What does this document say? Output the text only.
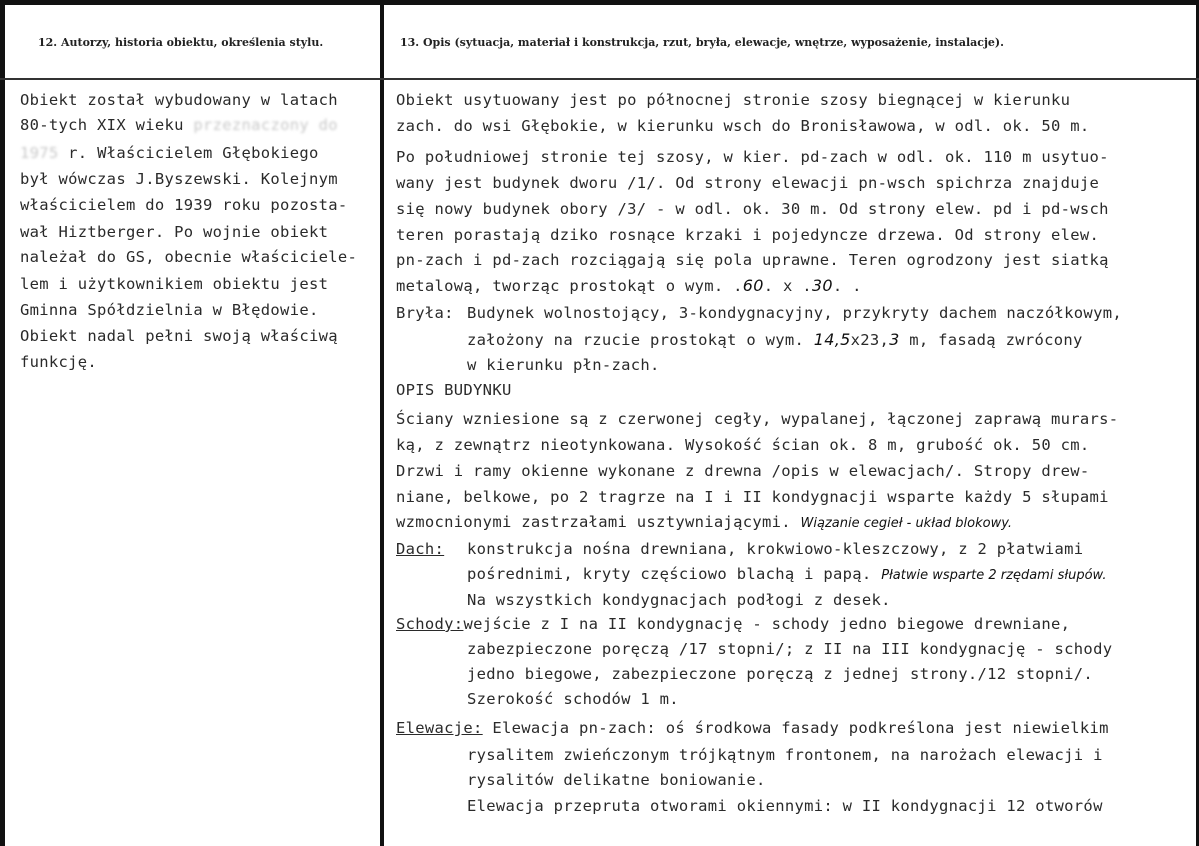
12. Autorzy, historia obiektu, określenia stylu.	13. Opis (sytuacja, materiał i konstrukcja, rzut, bryła, elewacje, wnętrze, wyposażenie, instalacje).
Obiekt został wybudowany w latach
80-tych XIX wieku przeznaczony do
1975 r. Właścicielem Głębokiego
był wówczas J.Byszewski. Kolejnym
właścicielem do 1939 roku pozosta-
wał Hiztberger. Po wojnie obiekt
należał do GS, obecnie właściciele-
lem i użytkownikiem obiektu jest
Gminna Spółdzielnia w Błędowie.
Obiekt nadal pełni swoją właściwą
funkcję.
Obiekt usytuowany jest po północnej stronie szosy biegnącej w kierunku
zach. do wsi Głębokie, w kierunku wsch do Bronisławowa, w odl. ok. 50 m.
Po południowej stronie tej szosy, w kier. pd-zach w odl. ok. 110 m usytuo-
wany jest budynek dworu /1/. Od strony elewacji pn-wsch spichrza znajduje
się nowy budynek obory /3/ - w odl. ok. 30 m. Od strony elew. pd i pd-wsch
teren porastają dziko rosnące krzaki i pojedyncze drzewa. Od strony elew.
pn-zach i pd-zach rozciągają się pola uprawne. Teren ogrodzony jest siatką
metalową, tworząc prostokąt o wym. .60. x .30. .
Bryła: Budynek wolnostojący, 3-kondygnacyjny, przykryty dachem naczółkowym,
założony na rzucie prostokąt o wym. 14,5x23,3 m, fasadą zwrócony
w kierunku płn-zach.
OPIS BUDYNKU
Ściany wzniesione są z czerwonej cegły, wypalanej, łączonej zaprawą murars-
ką, z zewnątrz nieotynkowana. Wysokość ścian ok. 8 m, grubość ok. 50 cm.
Drzwi i ramy okienne wykonane z drewna /opis w elewacjach/. Stropy drew-
niane, belkowe, po 2 tragrze na I i II kondygnacji wsparte każdy 5 słupami
wzmocnionymi zastrzałami usztywniającymi. Wiązanie cegieł - układ blokowy.
Dach: konstrukcja nośna drewniana, krokwiowo-kleszczowy, z 2 płatwiami
pośrednimi, kryty częściowo blachą i papą. Płatwie wsparte 2 rzędami słupów.
Na wszystkich kondygnacjach podłogi z desek.
Schody:wejście z I na II kondygnację - schody jedno biegowe drewniane,
zabezpieczone poręczą /17 stopni/; z II na III kondygnację - schody
jedno biegowe, zabezpieczone poręczą z jednej strony./12 stopni/.
Szerokość schodów 1 m.
Elewacje: Elewacja pn-zach: oś środkowa fasady podkreślona jest niewielkim
rysalitem zwieńczonym trójkątnym frontonem, na narożach elewacji i
rysalitów delikatne boniowanie.
Elewacja przepruta otworami okiennymi: w II kondygnacji 12 otworów
